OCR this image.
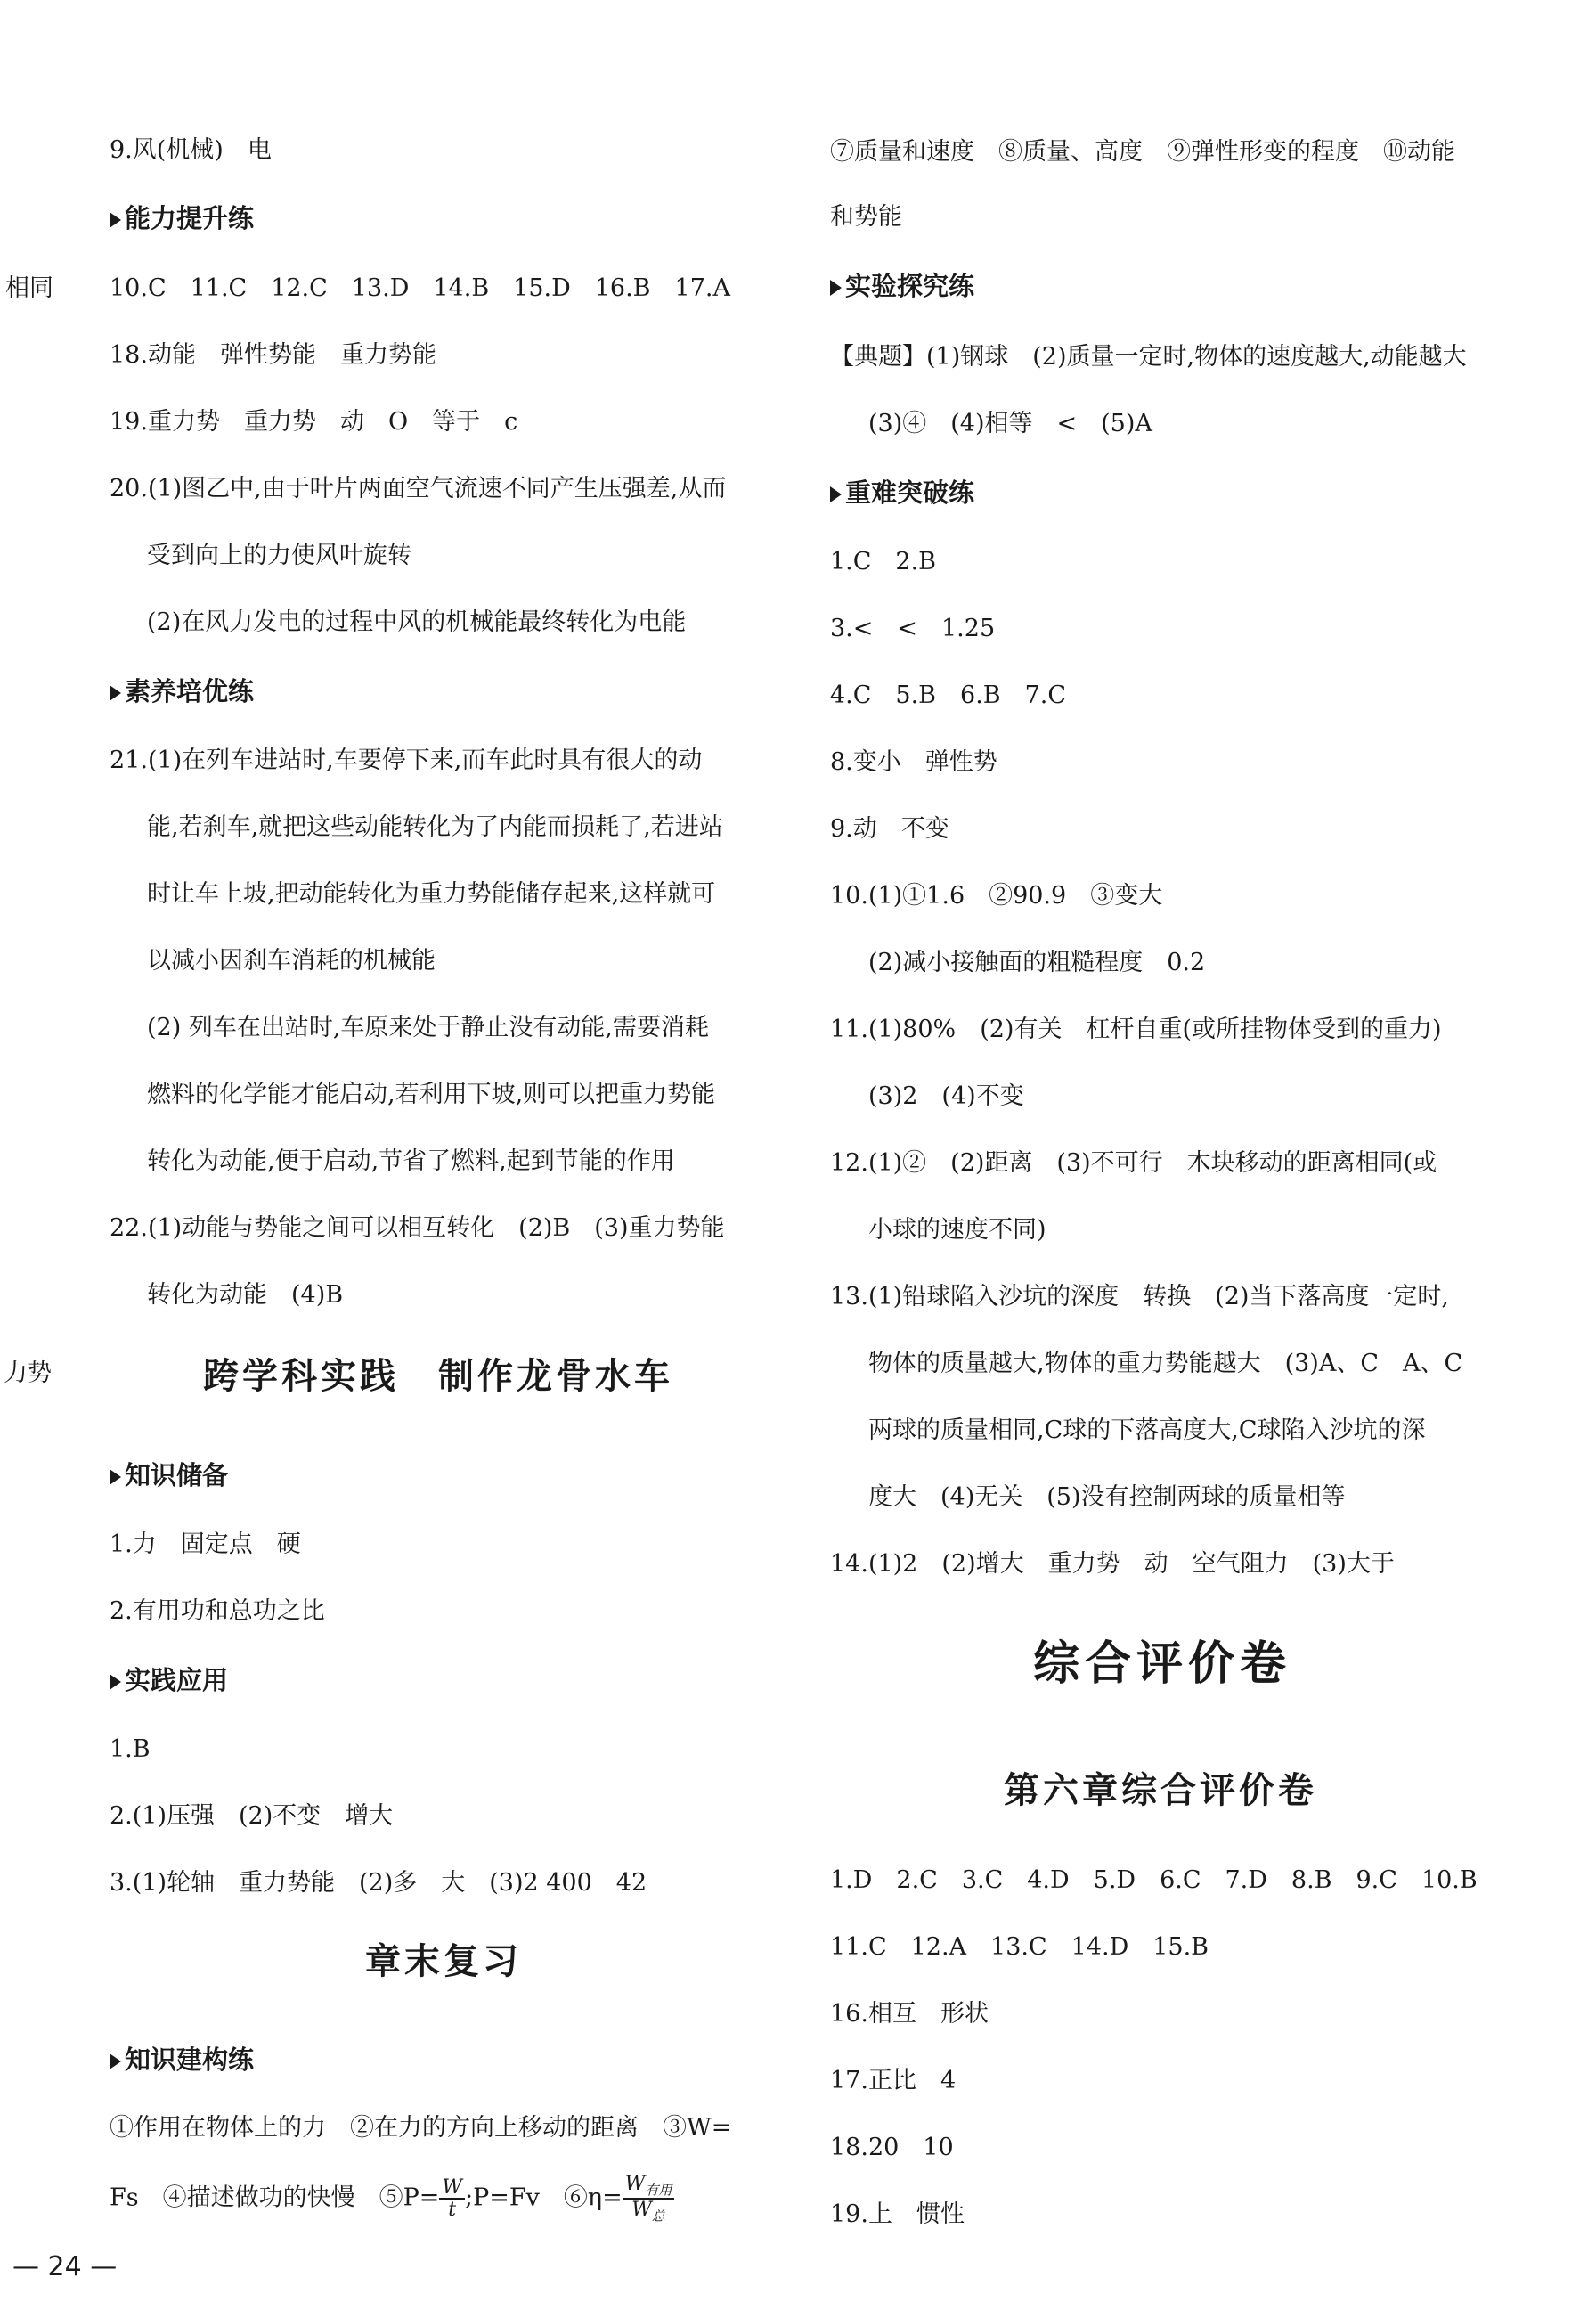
相同
力势
9.风(机械)　电
能力提升练
10.C　11.C　12.C　13.D　14.B　15.D　16.B　17.A
18.动能　弹性势能　重力势能
19.重力势　重力势　动　O　等于　c
20.(1)图乙中,由于叶片两面空气流速不同产生压强差,从而
受到向上的力使风叶旋转
(2)在风力发电的过程中风的机械能最终转化为电能
素养培优练
21.(1)在列车进站时,车要停下来,而车此时具有很大的动
能,若刹车,就把这些动能转化为了内能而损耗了,若进站
时让车上坡,把动能转化为重力势能储存起来,这样就可
以减小因刹车消耗的机械能
(2) 列车在出站时,车原来处于静止没有动能,需要消耗
燃料的化学能才能启动,若利用下坡,则可以把重力势能
转化为动能,便于启动,节省了燃料,起到节能的作用
22.(1)动能与势能之间可以相互转化　(2)B　(3)重力势能
转化为动能　(4)B
跨学科实践　制作龙骨水车
知识储备
1.力　固定点　硬
2.有用功和总功之比
实践应用
1.B
2.(1)压强　(2)不变　增大
3.(1)轮轴　重力势能　(2)多　大　(3)2 400　42
章末复习
知识建构练
①作用在物体上的力　②在力的方向上移动的距离　③W=
Fs　④描述做功的快慢　⑤P= $\frac{W}{t}$ ;P=Fv　⑥η= $\frac{W_{有用}}{W_总}$
— 24 —
⑦质量和速度　⑧质量、高度　⑨弹性形变的程度　⑩动能
和势能
实验探究练
【典题】(1)钢球　(2)质量一定时,物体的速度越大,动能越大
(3)④　(4)相等　<　(5)A
重难突破练
1.C　2.B
3.<　<　1.25
4.C　5.B　6.B　7.C
8.变小　弹性势
9.动　不变
10.(1)①1.6　②90.9　③变大
(2)减小接触面的粗糙程度　0.2
11.(1)80%　(2)有关　杠杆自重(或所挂物体受到的重力)
(3)2　(4)不变
12.(1)②　(2)距离　(3)不可行　木块移动的距离相同(或
小球的速度不同)
13.(1)铅球陷入沙坑的深度　转换　(2)当下落高度一定时,
物体的质量越大,物体的重力势能越大　(3)A、C　A、C
两球的质量相同,C球的下落高度大,C球陷入沙坑的深
度大　(4)无关　(5)没有控制两球的质量相等
14.(1)2　(2)增大　重力势　动　空气阻力　(3)大于
综合评价卷
第六章综合评价卷
1.D　2.C　3.C　4.D　5.D　6.C　7.D　8.B　9.C　10.B
11.C　12.A　13.C　14.D　15.B
16.相互　形状
17.正比　4
18.20　10
19.上　惯性
